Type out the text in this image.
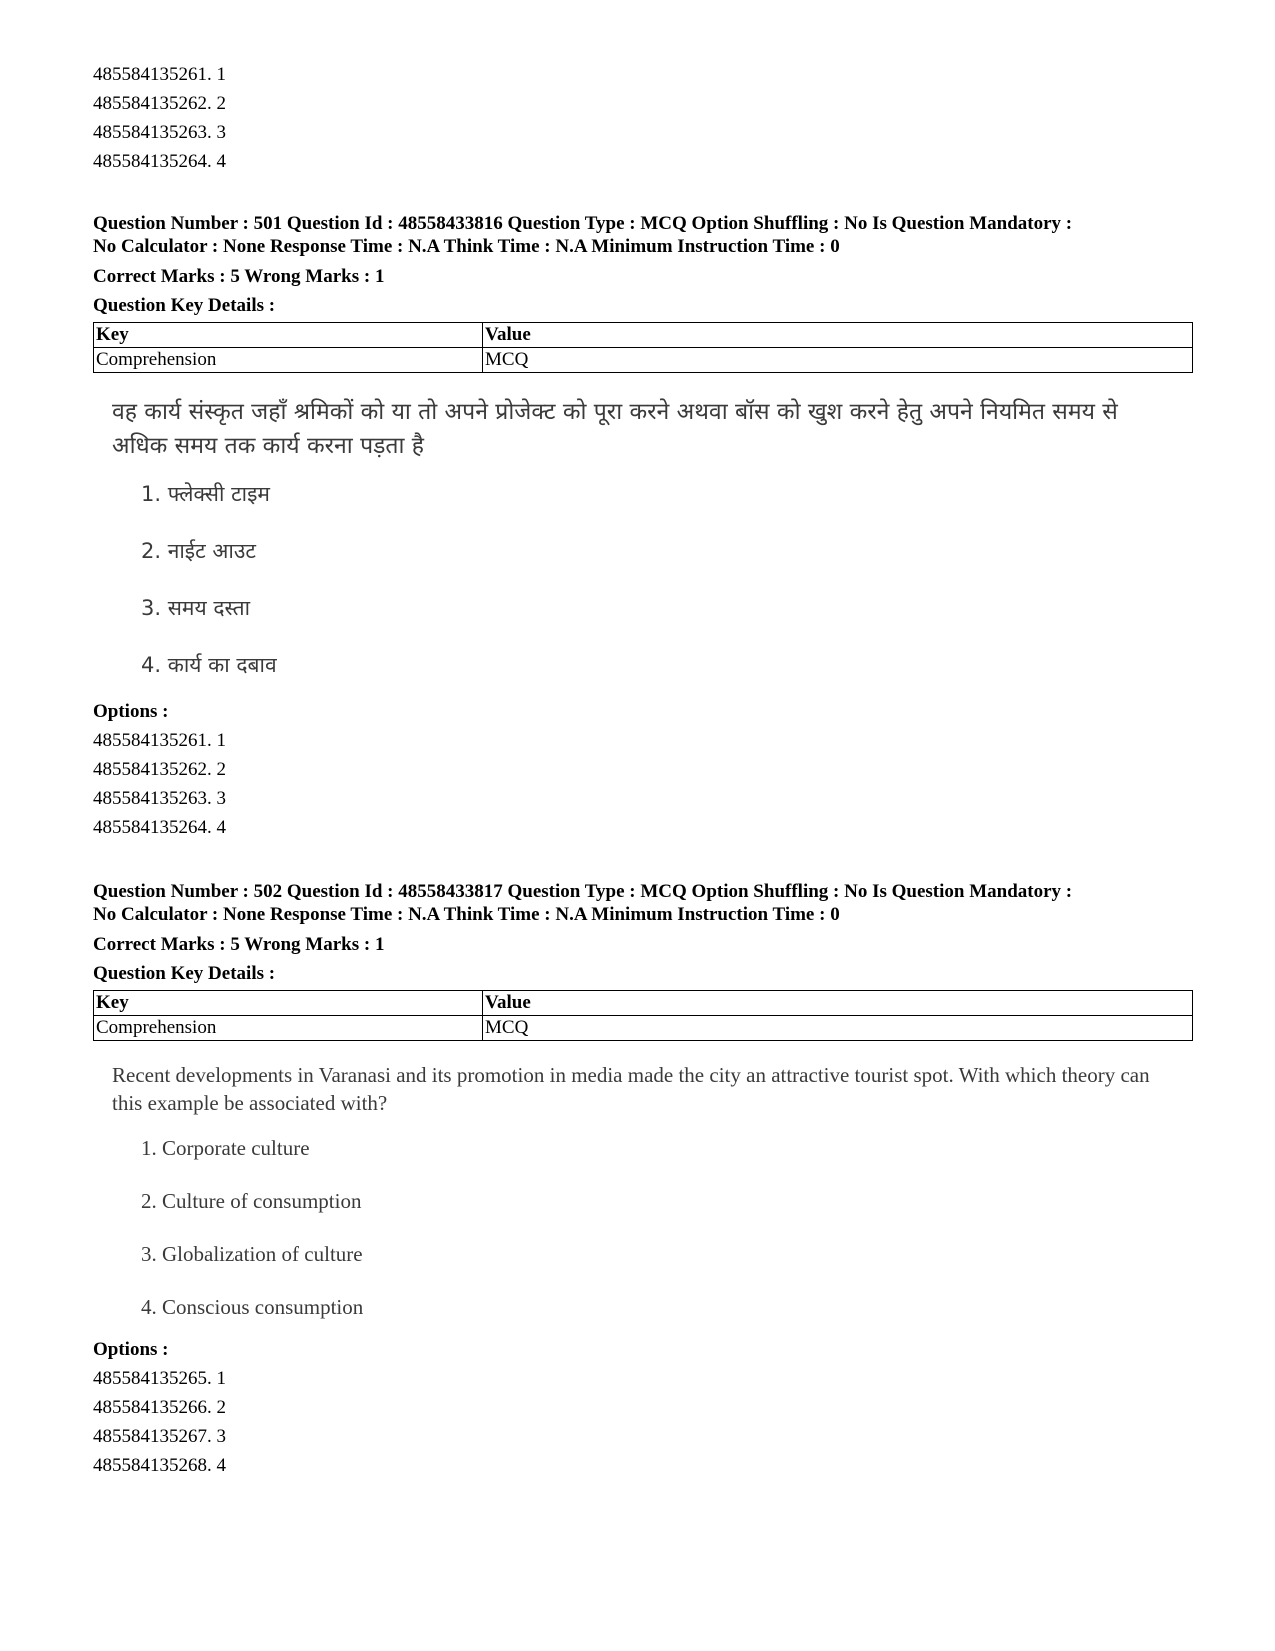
485584135261. 1
485584135262. 2
485584135263. 3
485584135264. 4
Question Number : 501 Question Id : 48558433816 Question Type : MCQ Option Shuffling : No Is Question Mandatory :
No Calculator : None Response Time : N.A Think Time : N.A Minimum Instruction Time : 0
Correct Marks : 5 Wrong Marks : 1
Question Key Details :
Key	Value
Comprehension	MCQ
वह कार्य संस्कृत जहाँ श्रमिकों को या तो अपने प्रोजेक्ट को पूरा करने अथवा बॉस को खुश करने हेतु अपने नियमित समय से अधिक समय तक कार्य करना पड़ता है
1. फ्लेक्सी टाइम
2. नाईट आउट
3. समय दस्ता
4. कार्य का दबाव
Options :
485584135261. 1
485584135262. 2
485584135263. 3
485584135264. 4
Question Number : 502 Question Id : 48558433817 Question Type : MCQ Option Shuffling : No Is Question Mandatory :
No Calculator : None Response Time : N.A Think Time : N.A Minimum Instruction Time : 0
Correct Marks : 5 Wrong Marks : 1
Question Key Details :
Key	Value
Comprehension	MCQ
Recent developments in Varanasi and its promotion in media made the city an attractive tourist spot. With which theory can this example be associated with?
1. Corporate culture
2. Culture of consumption
3. Globalization of culture
4. Conscious consumption
Options :
485584135265. 1
485584135266. 2
485584135267. 3
485584135268. 4
